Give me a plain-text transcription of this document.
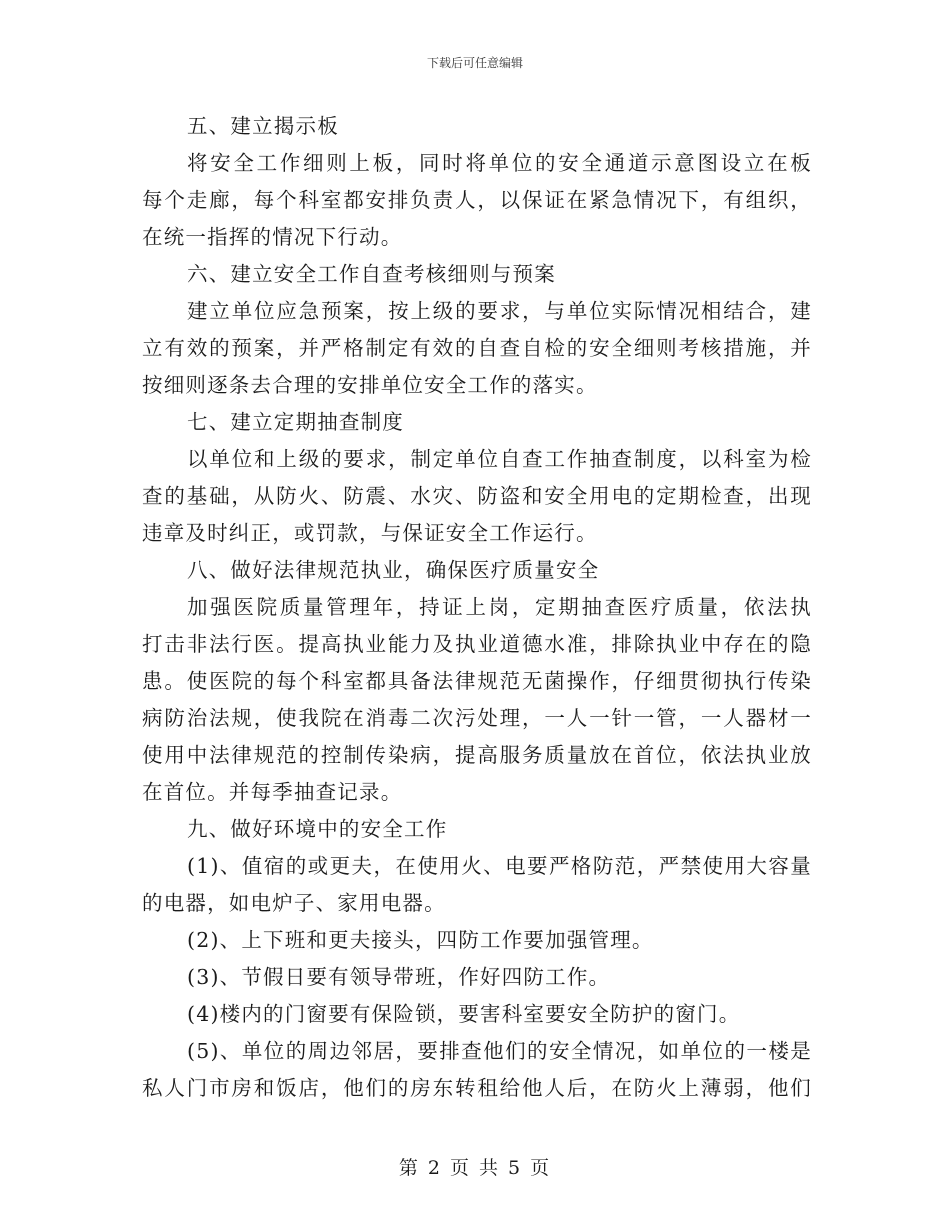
下载后可任意编辑
五、建立揭示板
将安全工作细则上板，同时将单位的安全通道示意图设立在板
每个走廊，每个科室都安排负责人，以保证在紧急情况下，有组织，
在统一指挥的情况下行动。
六、建立安全工作自查考核细则与预案
建立单位应急预案，按上级的要求，与单位实际情况相结合，建
立有效的预案，并严格制定有效的自查自检的安全细则考核措施，并
按细则逐条去合理的安排单位安全工作的落实。
七、建立定期抽查制度
以单位和上级的要求，制定单位自查工作抽查制度，以科室为检
查的基础，从防火、防震、水灾、防盗和安全用电的定期检查，出现
违章及时纠正，或罚款，与保证安全工作运行。
八、做好法律规范执业，确保医疗质量安全
加强医院质量管理年，持证上岗，定期抽查医疗质量，依法执
打击非法行医。提高执业能力及执业道德水准，排除执业中存在的隐
患。使医院的每个科室都具备法律规范无菌操作，仔细贯彻执行传染
病防治法规，使我院在消毒二次污处理，一人一针一管，一人器材一
使用中法律规范的控制传染病，提高服务质量放在首位，依法执业放
在首位。并每季抽查记录。
九、做好环境中的安全工作
(1)、值宿的或更夫，在使用火、电要严格防范，严禁使用大容量
的电器，如电炉子、家用电器。
(2)、上下班和更夫接头，四防工作要加强管理。
(3)、节假日要有领导带班，作好四防工作。
(4)楼内的门窗要有保险锁，要害科室要安全防护的窗门。
(5)、单位的周边邻居，要排查他们的安全情况，如单位的一楼是
私人门市房和饭店，他们的房东转租给他人后，在防火上薄弱，他们
第 2 页 共 5 页
